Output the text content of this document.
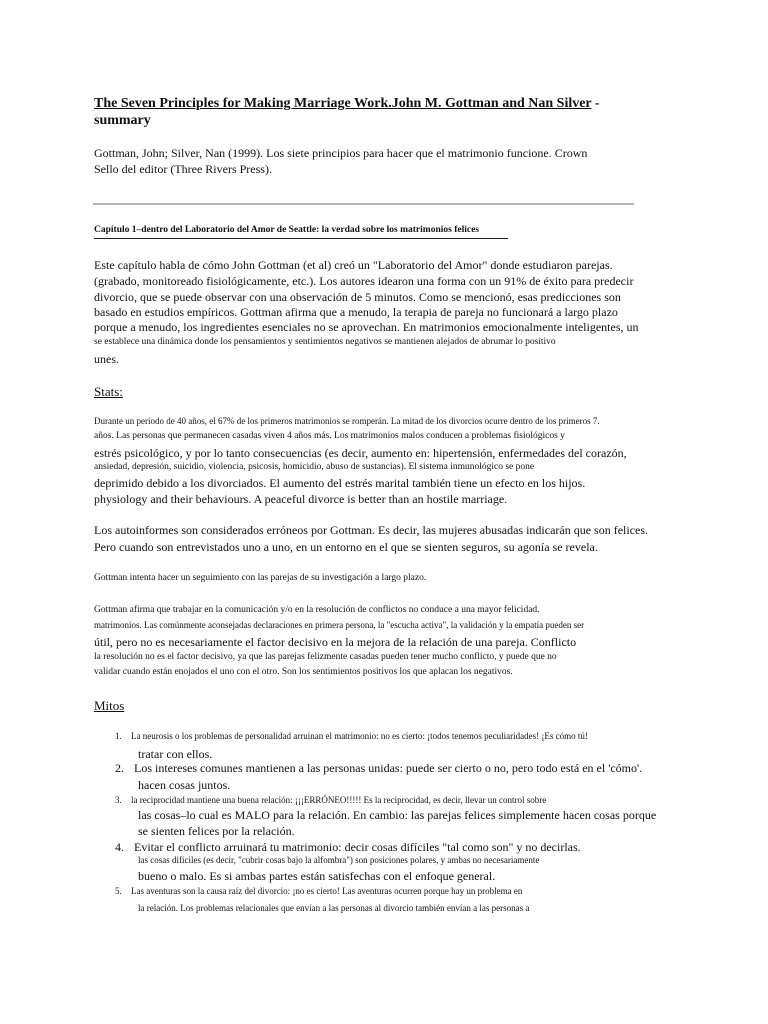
The Seven Principles for Making Marriage Work.John M. Gottman and Nan Silver - summary
Gottman, John; Silver, Nan (1999). Los siete principios para hacer que el matrimonio funcione. Crown
Sello del editor (Three Rivers Press).
Capítulo 1–dentro del Laboratorio del Amor de Seattle: la verdad sobre los matrimonios felices
Este capítulo habla de cómo John Gottman (et al) creó un "Laboratorio del Amor" donde estudiaron parejas.
(grabado, monitoreado fisiológicamente, etc.). Los autores idearon una forma con un 91% de éxito para predecir
divorcio, que se puede observar con una observación de 5 minutos. Como se mencionó, esas predicciones son
basado en estudios empíricos. Gottman afirma que a menudo, la terapia de pareja no funcionará a largo plazo
porque a menudo, los ingredientes esenciales no se aprovechan. En matrimonios emocionalmente inteligentes, un
se establece una dinámica donde los pensamientos y sentimientos negativos se mantienen alejados de abrumar lo positivo
unes.
Stats:
Durante un período de 40 años, el 67% de los primeros matrimonios se romperán. La mitad de los divorcios ocurre dentro de los primeros 7.
años. Las personas que permanecen casadas viven 4 años más. Los matrimonios malos conducen a problemas fisiológicos y
estrés psicológico, y por lo tanto consecuencias (es decir, aumento en: hipertensión, enfermedades del corazón,
ansiedad, depresión, suicidio, violencia, psicosis, homicidio, abuso de sustancias). El sistema inmunológico se pone
deprimido debido a los divorciados. El aumento del estrés marital también tiene un efecto en los hijos.
physiology and their behaviours. A peaceful divorce is better than an hostile marriage.
Los autoinformes son considerados erróneos por Gottman. Es decir, las mujeres abusadas indicarán que son felices.
Pero cuando son entrevistados uno a uno, en un entorno en el que se sienten seguros, su agonía se revela.
Gottman intenta hacer un seguimiento con las parejas de su investigación a largo plazo.
Gottman afirma que trabajar en la comunicación y/o en la resolución de conflictos no conduce a una mayor felicidad.
matrimonios. Las comúnmente aconsejadas declaraciones en primera persona, la "escucha activa", la validación y la empatía pueden ser
útil, pero no es necesariamente el factor decisivo en la mejora de la relación de una pareja. Conflicto
la resolución no es el factor decisivo, ya que las parejas felizmente casadas pueden tener mucho conflicto, y puede que no
validar cuando están enojados el uno con el otro. Son los sentimientos positivos los que aplacan los negativos.
Mitos
1. La neurosis o los problemas de personalidad arruinan el matrimonio: no es cierto: ¡todos tenemos peculiaridades! ¡Es cómo tú!
tratar con ellos.
2. Los intereses comunes mantienen a las personas unidas: puede ser cierto o no, pero todo está en el 'cómo'.
hacen cosas juntos.
3. la reciprocidad mantiene una buena relación: ¡¡¡ERRÓNEO!!!!! Es la reciprocidad, es decir, llevar un control sobre
las cosas–lo cual es MALO para la relación. En cambio: las parejas felices simplemente hacen cosas porque
se sienten felices por la relación.
4. Evitar el conflicto arruinará tu matrimonio: decir cosas difíciles "tal como son" y no decirlas.
las cosas difíciles (es decir, "cubrir cosas bajo la alfombra") son posiciones polares, y ambas no necesariamente
bueno o malo. Es si ambas partes están satisfechas con el enfoque general.
5. Las aventuras son la causa raíz del divorcio: ¡no es cierto! Las aventuras ocurren porque hay un problema en
la relación. Los problemas relacionales que envían a las personas al divorcio también envían a las personas a
